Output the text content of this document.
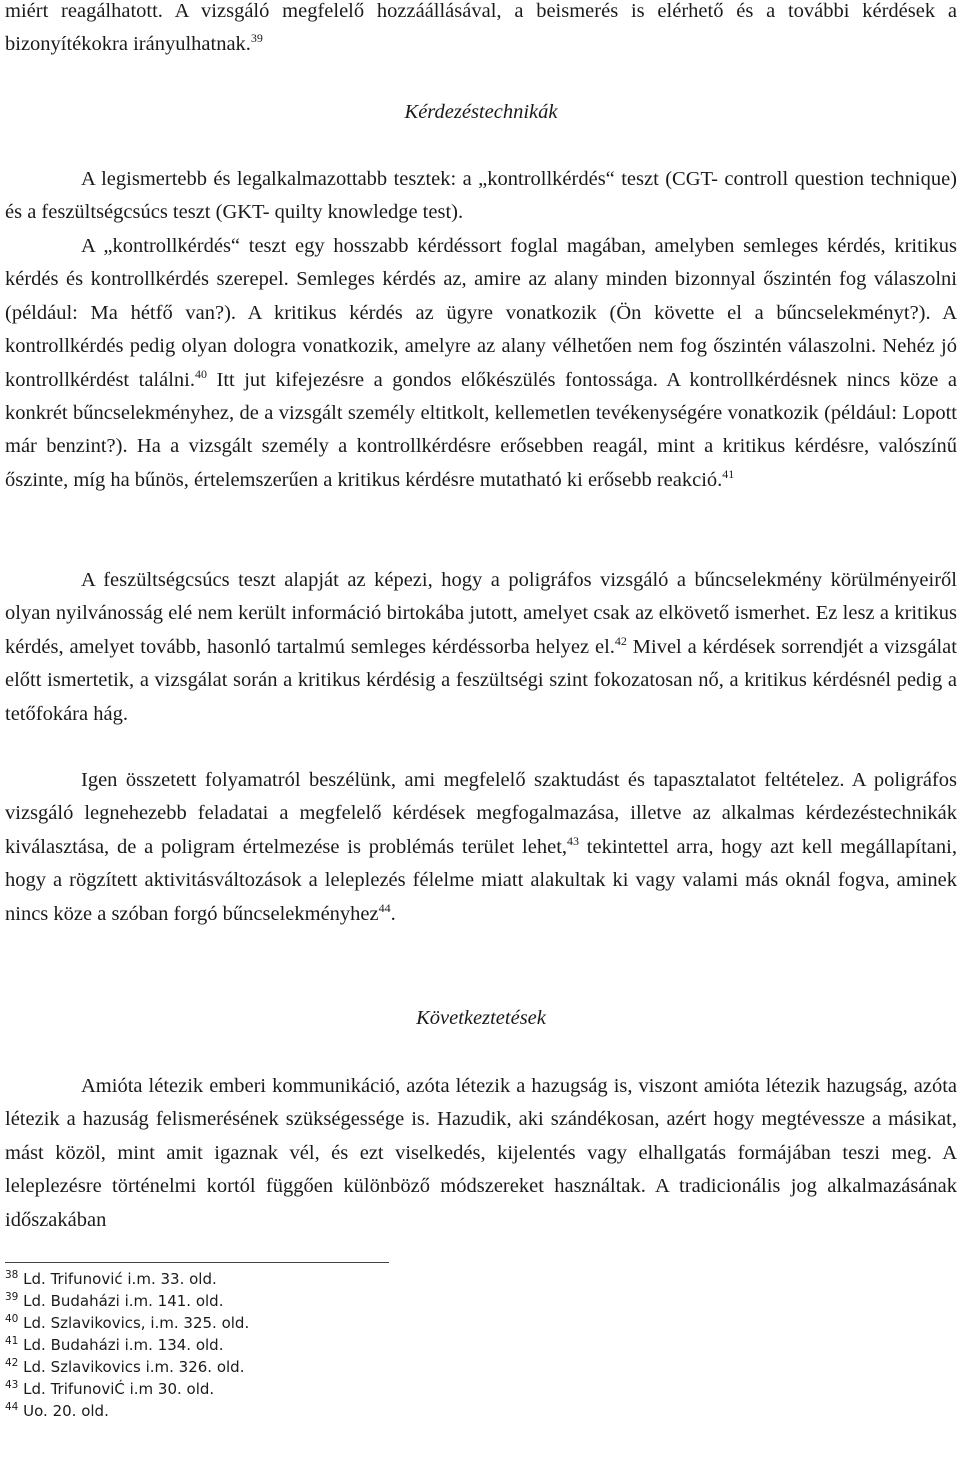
miért reagálhatott. A vizsgáló megfelelő hozzáállásával, a beismerés is elérhető és a további kérdések a bizonyítékokra irányulhatnak.$^{39}$

Kérdezéstechnikák

A legismertebb és legalkalmazottabb tesztek: a „kontrollkérdés“ teszt (CGT- controll question technique) és a feszültségcsúcs teszt (GKT- quilty knowledge test).

A „kontrollkérdés“ teszt egy hosszabb kérdéssort foglal magában, amelyben semleges kérdés, kritikus kérdés és kontrollkérdés szerepel. Semleges kérdés az, amire az alany minden bizonnyal őszintén fog válaszolni (például: Ma hétfő van?). A kritikus kérdés az ügyre vonatkozik (Ön követte el a bűncselekményt?). A kontrollkérdés pedig olyan dologra vonatkozik, amelyre az alany vélhetően nem fog őszintén válaszolni. Nehéz jó kontrollkérdést találni.$^{40}$ Itt jut kifejezésre a gondos előkészülés fontossága. A kontrollkérdésnek nincs köze a konkrét bűncselekményhez, de a vizsgált személy eltitkolt, kellemetlen tevékenységére vonatkozik (például: Lopott már benzint?). Ha a vizsgált személy a kontrollkérdésre erősebben reagál, mint a kritikus kérdésre, valószínű őszinte, míg ha bűnös, értelemszerűen a kritikus kérdésre mutatható ki erősebb reakció.$^{41}$

A feszültségcsúcs teszt alapját az képezi, hogy a poligráfos vizsgáló a bűncselekmény körülményeiről olyan nyilvánosság elé nem került információ birtokába jutott, amelyet csak az elkövető ismerhet. Ez lesz a kritikus kérdés, amelyet tovább, hasonló tartalmú semleges kérdéssorba helyez el.$^{42}$ Mivel a kérdések sorrendjét a vizsgálat előtt ismertetik, a vizsgálat során a kritikus kérdésig a feszültségi szint fokozatosan nő, a kritikus kérdésnél pedig a tetőfokára hág.

Igen összetett folyamatról beszélünk, ami megfelelő szaktudást és tapasztalatot feltételez. A poligráfos vizsgáló legnehezebb feladatai a megfelelő kérdések megfogalmazása, illetve az alkalmas kérdezéstechnikák kiválasztása, de a poligram értelmezése is problémás terület lehet,$^{43}$ tekintettel arra, hogy azt kell megállapítani, hogy a rögzített aktivitásváltozások a leleplezés félelme miatt alakultak ki vagy valami más oknál fogva, aminek nincs köze a szóban forgó bűncselekményhez$^{44}$.

Következtetések

Amióta létezik emberi kommunikáció, azóta létezik a hazugság is, viszont amióta létezik hazugság, azóta létezik a hazuság felismerésének szükségessége is. Hazudik, aki szándékosan, azért hogy megtévessze a másikat, mást közöl, mint amit igaznak vél, és ezt viselkedés, kijelentés vagy elhallgatás formájában teszi meg. A leleplezésre történelmi kortól függően különböző módszereket használtak. A tradicionális jog alkalmazásának időszakában

$^{38}$ Ld. Trifunović i.m. 33. old.
$^{39}$ Ld. Budaházi i.m. 141. old.
$^{40}$ Ld. Szlavikovics, i.m. 325. old.
$^{41}$ Ld. Budaházi i.m. 134. old.
$^{42}$ Ld. Szlavikovics i.m. 326. old.
$^{43}$ Ld. TrifunoviĆ i.m 30. old.
$^{44}$ Uo. 20. old.
